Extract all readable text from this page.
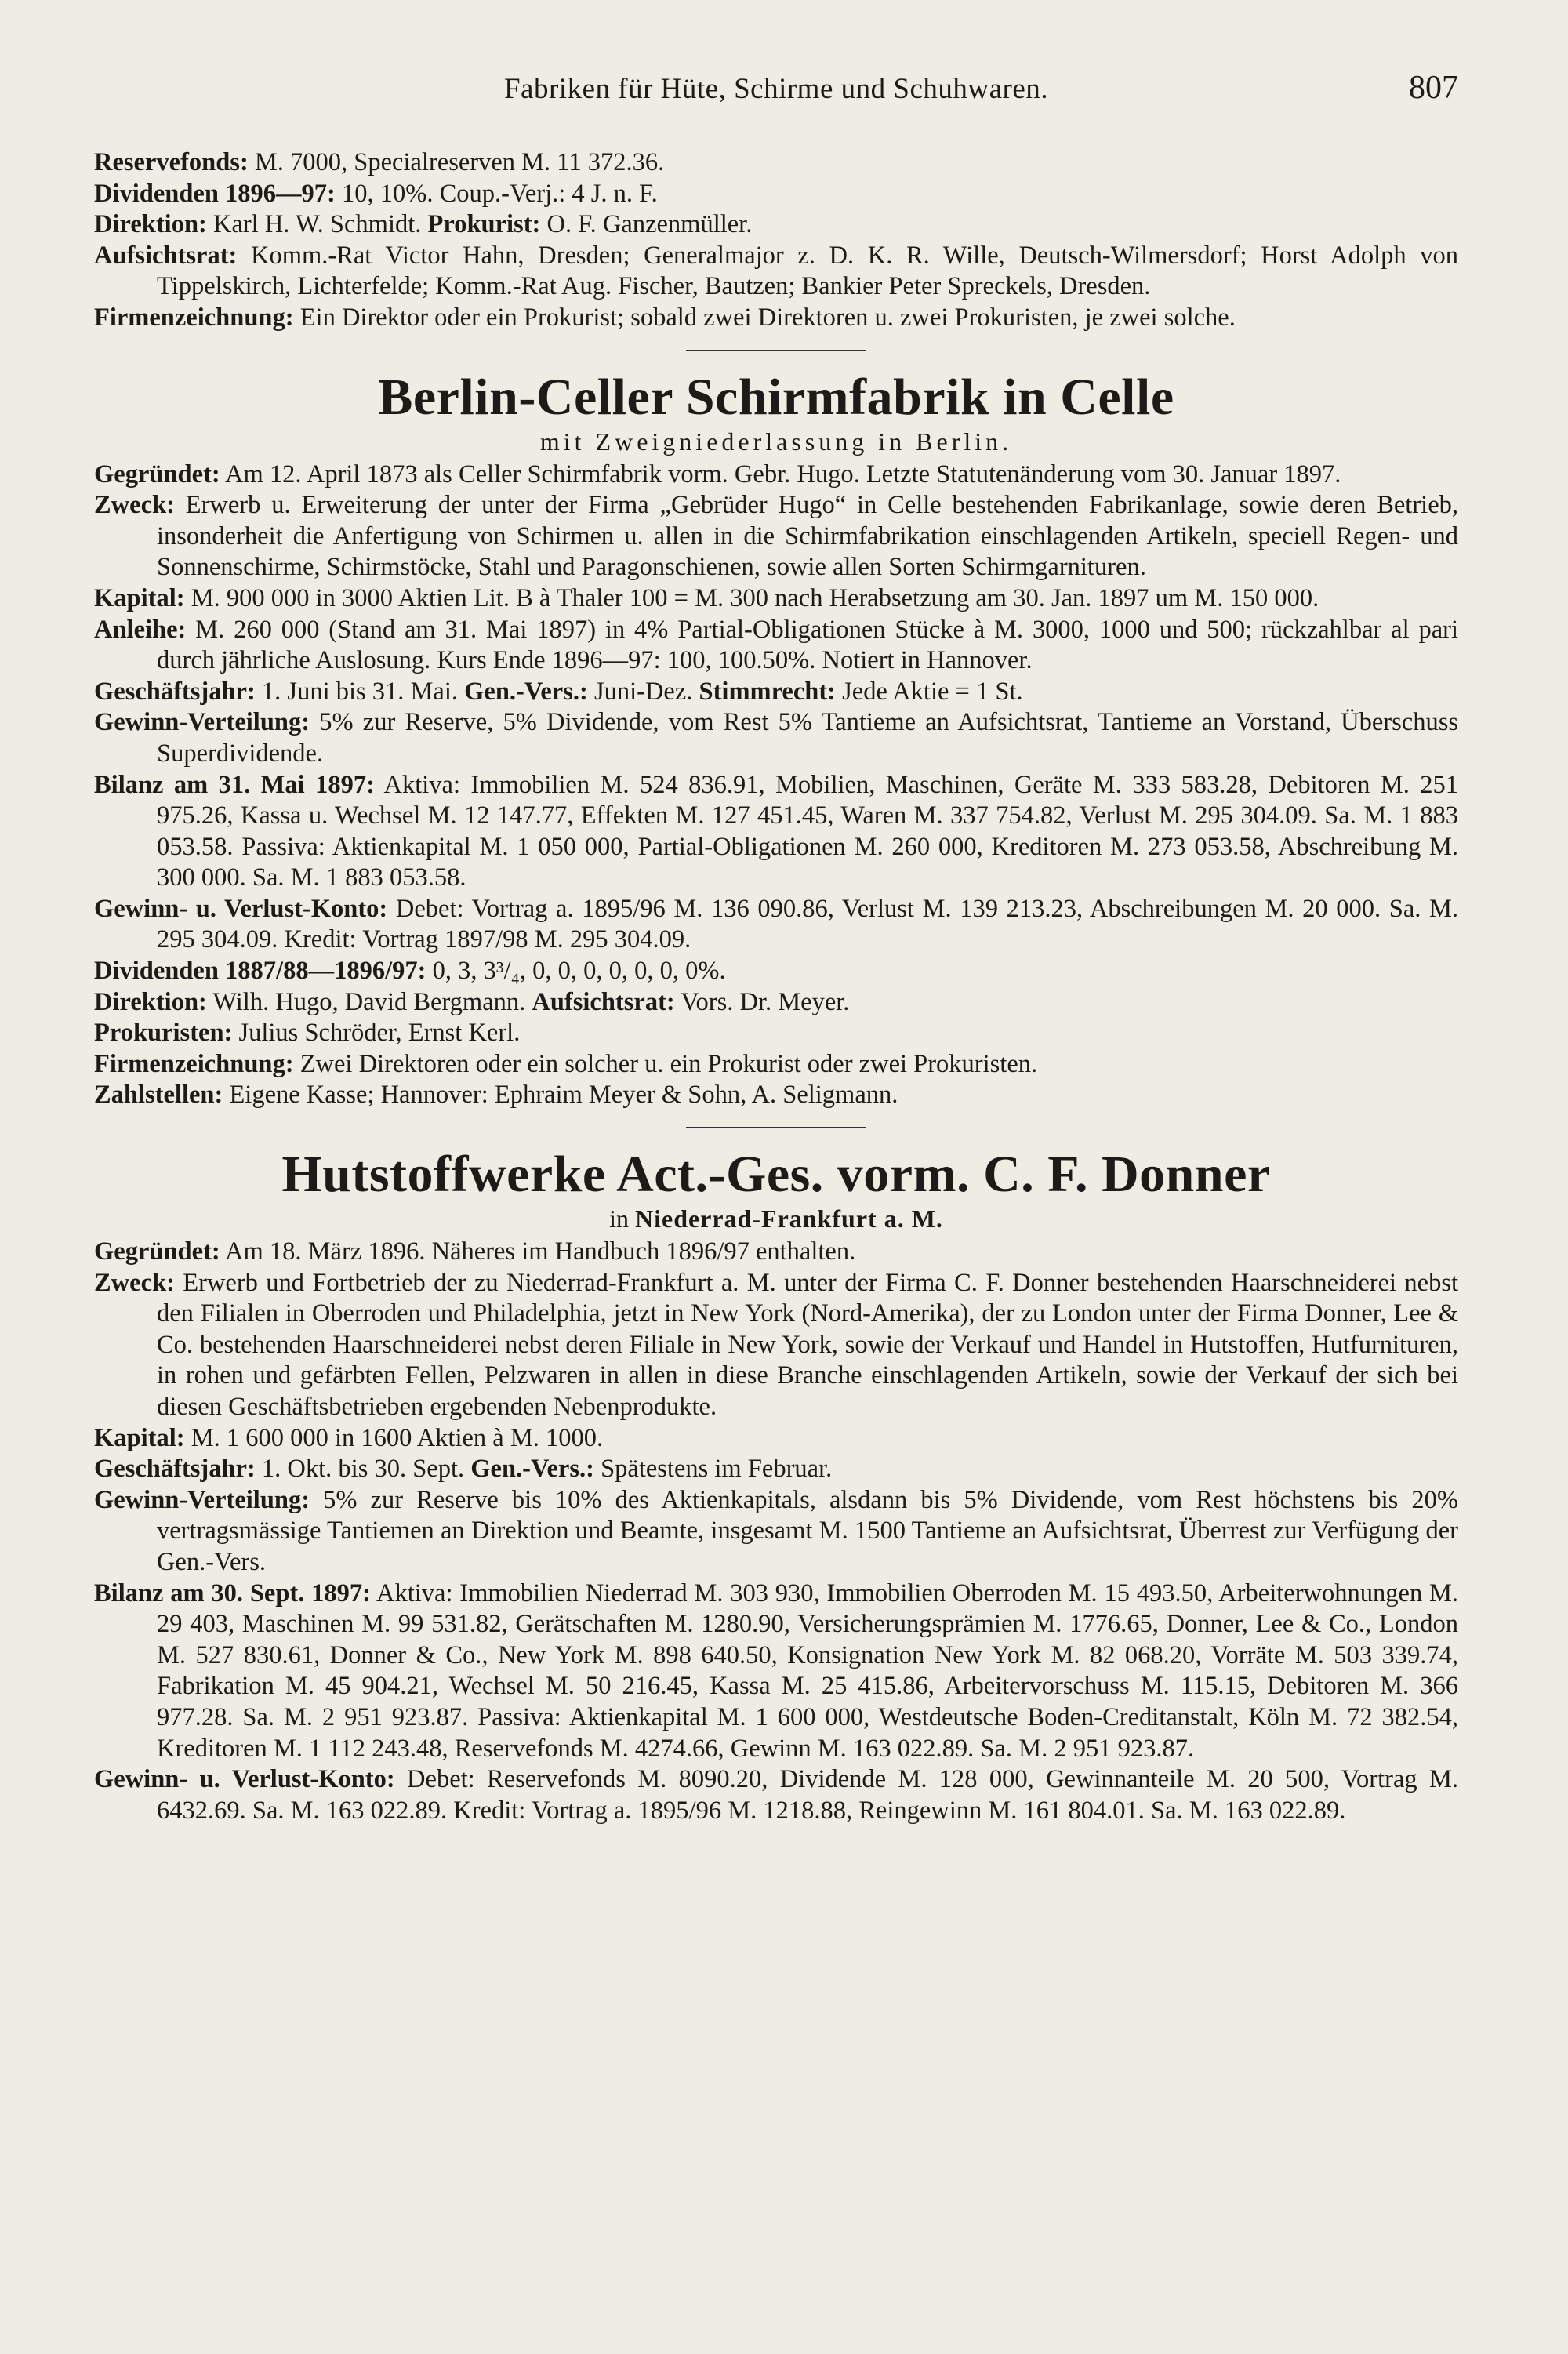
Fabriken für Hüte, Schirme und Schuhwaren.	807

Reservefonds: M. 7000, Specialreserven M. 11 372.36.

Dividenden 1896—97: 10, 10%. Coup.-Verj.: 4 J. n. F.

Direktion: Karl H. W. Schmidt. Prokurist: O. F. Ganzenmüller.

Aufsichtsrat: Komm.-Rat Victor Hahn, Dresden; Generalmajor z. D. K. R. Wille, Deutsch-Wilmersdorf; Horst Adolph von Tippelskirch, Lichterfelde; Komm.-Rat Aug. Fischer, Bautzen; Bankier Peter Spreckels, Dresden.

Firmenzeichnung: Ein Direktor oder ein Prokurist; sobald zwei Direktoren u. zwei Prokuristen, je zwei solche.

Berlin-Celler Schirmfabrik in Celle
mit Zweigniederlassung in Berlin.

Gegründet: Am 12. April 1873 als Celler Schirmfabrik vorm. Gebr. Hugo. Letzte Statutenänderung vom 30. Januar 1897.

Zweck: Erwerb u. Erweiterung der unter der Firma „Gebrüder Hugo“ in Celle bestehenden Fabrikanlage, sowie deren Betrieb, insonderheit die Anfertigung von Schirmen u. allen in die Schirmfabrikation einschlagenden Artikeln, speciell Regen- und Sonnenschirme, Schirmstöcke, Stahl und Paragonschienen, sowie allen Sorten Schirmgarnituren.

Kapital: M. 900 000 in 3000 Aktien Lit. B à Thaler 100 = M. 300 nach Herabsetzung am 30. Jan. 1897 um M. 150 000.

Anleihe: M. 260 000 (Stand am 31. Mai 1897) in 4% Partial-Obligationen Stücke à M. 3000, 1000 und 500; rückzahlbar al pari durch jährliche Auslosung. Kurs Ende 1896—97: 100, 100.50%. Notiert in Hannover.

Geschäftsjahr: 1. Juni bis 31. Mai. Gen.-Vers.: Juni-Dez. Stimmrecht: Jede Aktie = 1 St.

Gewinn-Verteilung: 5% zur Reserve, 5% Dividende, vom Rest 5% Tantieme an Aufsichtsrat, Tantieme an Vorstand, Überschuss Superdividende.

Bilanz am 31. Mai 1897: Aktiva: Immobilien M. 524 836.91, Mobilien, Maschinen, Geräte M. 333 583.28, Debitoren M. 251 975.26, Kassa u. Wechsel M. 12 147.77, Effekten M. 127 451.45, Waren M. 337 754.82, Verlust M. 295 304.09. Sa. M. 1 883 053.58. Passiva: Aktienkapital M. 1 050 000, Partial-Obligationen M. 260 000, Kreditoren M. 273 053.58, Abschreibung M. 300 000. Sa. M. 1 883 053.58.

Gewinn- u. Verlust-Konto: Debet: Vortrag a. 1895/96 M. 136 090.86, Verlust M. 139 213.23, Abschreibungen M. 20 000. Sa. M. 295 304.09. Kredit: Vortrag 1897/98 M. 295 304.09.

Dividenden 1887/88—1896/97: 0, 3, 3³/₄, 0, 0, 0, 0, 0, 0, 0%.

Direktion: Wilh. Hugo, David Bergmann. Aufsichtsrat: Vors. Dr. Meyer.

Prokuristen: Julius Schröder, Ernst Kerl.

Firmenzeichnung: Zwei Direktoren oder ein solcher u. ein Prokurist oder zwei Prokuristen.

Zahlstellen: Eigene Kasse; Hannover: Ephraim Meyer & Sohn, A. Seligmann.

Hutstoffwerke Act.-Ges. vorm. C. F. Donner
in Niederrad-Frankfurt a. M.

Gegründet: Am 18. März 1896. Näheres im Handbuch 1896/97 enthalten.

Zweck: Erwerb und Fortbetrieb der zu Niederrad-Frankfurt a. M. unter der Firma C. F. Donner bestehenden Haarschneiderei nebst den Filialen in Oberroden und Philadelphia, jetzt in New York (Nord-Amerika), der zu London unter der Firma Donner, Lee & Co. bestehenden Haarschneiderei nebst deren Filiale in New York, sowie der Verkauf und Handel in Hutstoffen, Hutfurnituren, in rohen und gefärbten Fellen, Pelzwaren in allen in diese Branche einschlagenden Artikeln, sowie der Verkauf der sich bei diesen Geschäftsbetrieben ergebenden Nebenprodukte.

Kapital: M. 1 600 000 in 1600 Aktien à M. 1000.

Geschäftsjahr: 1. Okt. bis 30. Sept. Gen.-Vers.: Spätestens im Februar.

Gewinn-Verteilung: 5% zur Reserve bis 10% des Aktienkapitals, alsdann bis 5% Dividende, vom Rest höchstens bis 20% vertragsmässige Tantiemen an Direktion und Beamte, insgesamt M. 1500 Tantieme an Aufsichtsrat, Überrest zur Verfügung der Gen.-Vers.

Bilanz am 30. Sept. 1897: Aktiva: Immobilien Niederrad M. 303 930, Immobilien Oberroden M. 15 493.50, Arbeiterwohnungen M. 29 403, Maschinen M. 99 531.82, Gerätschaften M. 1280.90, Versicherungsprämien M. 1776.65, Donner, Lee & Co., London M. 527 830.61, Donner & Co., New York M. 898 640.50, Konsignation New York M. 82 068.20, Vorräte M. 503 339.74, Fabrikation M. 45 904.21, Wechsel M. 50 216.45, Kassa M. 25 415.86, Arbeitervorschuss M. 115.15, Debitoren M. 366 977.28. Sa. M. 2 951 923.87. Passiva: Aktienkapital M. 1 600 000, Westdeutsche Boden-Creditanstalt, Köln M. 72 382.54, Kreditoren M. 1 112 243.48, Reservefonds M. 4274.66, Gewinn M. 163 022.89. Sa. M. 2 951 923.87.

Gewinn- u. Verlust-Konto: Debet: Reservefonds M. 8090.20, Dividende M. 128 000, Gewinnanteile M. 20 500, Vortrag M. 6432.69. Sa. M. 163 022.89. Kredit: Vortrag a. 1895/96 M. 1218.88, Reingewinn M. 161 804.01. Sa. M. 163 022.89.
